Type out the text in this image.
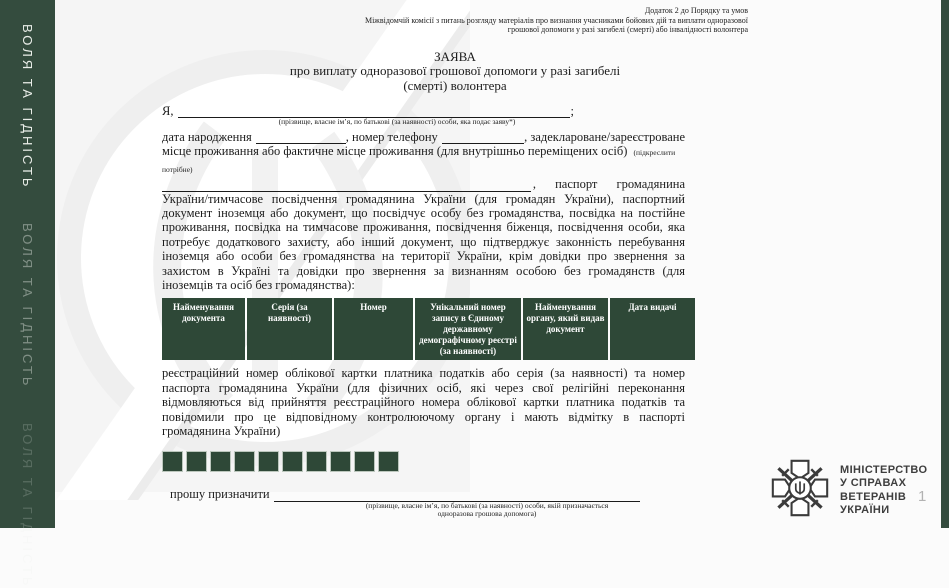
ВОЛЯ ТА ГІДНІСТЬ
ВОЛЯ ТА ГІДНІСТЬ
ВОЛЯ ТА ГІДНІСТЬ
Додаток 2 до Порядку та умов
Міжвідомчій комісії з питань розгляду матеріалів про визнання учасниками бойових дій та виплати одноразової
грошової допомоги у разі загибелі (смерті) або інвалідності волонтера
ЗАЯВА
про виплату одноразової грошової допомоги у разі загибелі
(смерті) волонтера
Я,	;
(прізвище, власне ім’я, по батькові (за наявності) особи, яка подає заяву*)
дата народження	, номер телефону	, задеклароване/зареєстроване
місце проживання або фактичне місце проживання (для внутрішньо переміщених осіб) (підкреслити потрібне)
, паспорт громадянина
України/тимчасове посвідчення громадянина України (для громадян України), паспортний документ іноземця або документ, що посвідчує особу без громадянства, посвідка на постійне проживання, посвідка на тимчасове проживання, посвідчення біженця, посвідчення особи, яка потребує додаткового захисту, або інший документ, що підтверджує законність перебування іноземця або особи без громадянства на території України, крім довідки про звернення за захистом в Україні та довідки про звернення за визнанням особою без громадянств (для іноземців та осіб без громадянства):
Найменування документа	Серія (за наявності)	Номер	Унікальний номер запису в Єдиному державному демографічному реєстрі (за наявності)	Найменування органу, який видав документ	Дата видачі
реєстраційний номер облікової картки платника податків або серія (за наявності) та номер паспорта громадянина України (для фізичних осіб, які через свої релігійні переконання відмовляються від прийняття реєстраційного номера облікової картки платника податків та повідомили про це відповідному контролюючому органу і мають відмітку в паспорті громадянина України)
прошу призначити
(прізвище, власне ім’я, по батькові (за наявності) особи, якій призначається
одноразова грошова допомога)
МІНІСТЕРСТВО
У СПРАВАХ
ВЕТЕРАНІВ
УКРАЇНИ
1
